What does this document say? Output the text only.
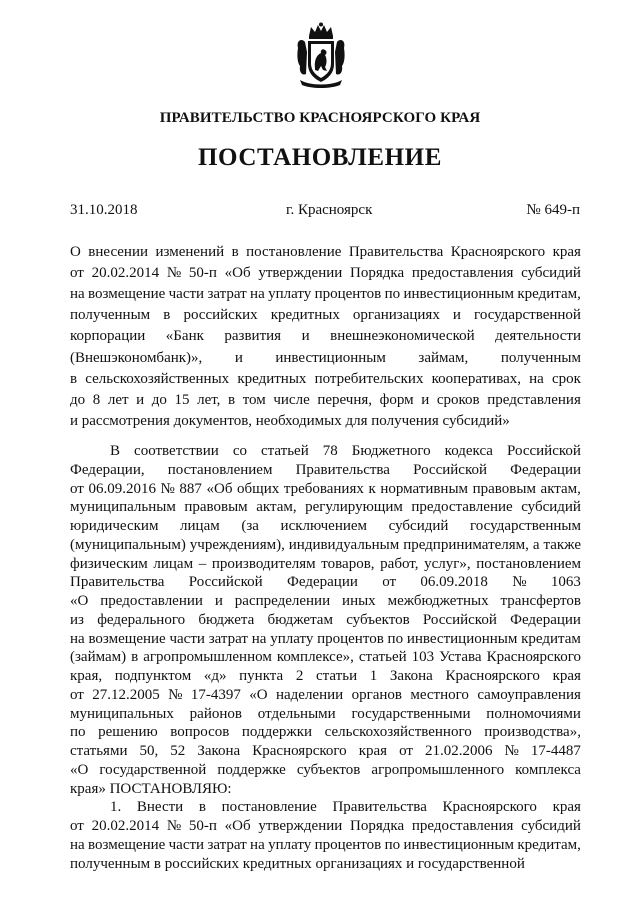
ПРАВИТЕЛЬСТВО КРАСНОЯРСКОГО КРАЯ
ПОСТАНОВЛЕНИЕ
31.10.2018	г. Красноярск	№ 649-п
О внесении изменений в постановление Правительства Красноярского края
от 20.02.2014 № 50-п «Об утверждении Порядка предоставления субсидий
на возмещение части затрат на уплату процентов по инвестиционным кредитам,
полученным в российских кредитных организациях и государственной
корпорации «Банк развития и внешнеэкономической деятельности
(Внешэкономбанк)», и инвестиционным займам, полученным
в сельскохозяйственных кредитных потребительских кооперативах, на срок
до 8 лет и до 15 лет, в том числе перечня, форм и сроков представления
и рассмотрения документов, необходимых для получения субсидий»
В соответствии со статьей 78 Бюджетного кодекса Российской
Федерации, постановлением Правительства Российской Федерации
от 06.09.2016 № 887 «Об общих требованиях к нормативным правовым актам,
муниципальным правовым актам, регулирующим предоставление субсидий
юридическим лицам (за исключением субсидий государственным
(муниципальным) учреждениям), индивидуальным предпринимателям, а также
физическим лицам – производителям товаров, работ, услуг», постановлением
Правительства Российской Федерации от 06.09.2018 № 1063
«О предоставлении и распределении иных межбюджетных трансфертов
из федерального бюджета бюджетам субъектов Российской Федерации
на возмещение части затрат на уплату процентов по инвестиционным кредитам
(займам) в агропромышленном комплексе», статьей 103 Устава Красноярского
края, подпунктом «д» пункта 2 статьи 1 Закона Красноярского края
от 27.12.2005 № 17-4397 «О наделении органов местного самоуправления
муниципальных районов отдельными государственными полномочиями
по решению вопросов поддержки сельскохозяйственного производства»,
статьями 50, 52 Закона Красноярского края от 21.02.2006 № 17-4487
«О государственной поддержке субъектов агропромышленного комплекса
края» ПОСТАНОВЛЯЮ:
1. Внести в постановление Правительства Красноярского края
от 20.02.2014 № 50-п «Об утверждении Порядка предоставления субсидий
на возмещение части затрат на уплату процентов по инвестиционным кредитам,
полученным в российских кредитных организациях и государственной
